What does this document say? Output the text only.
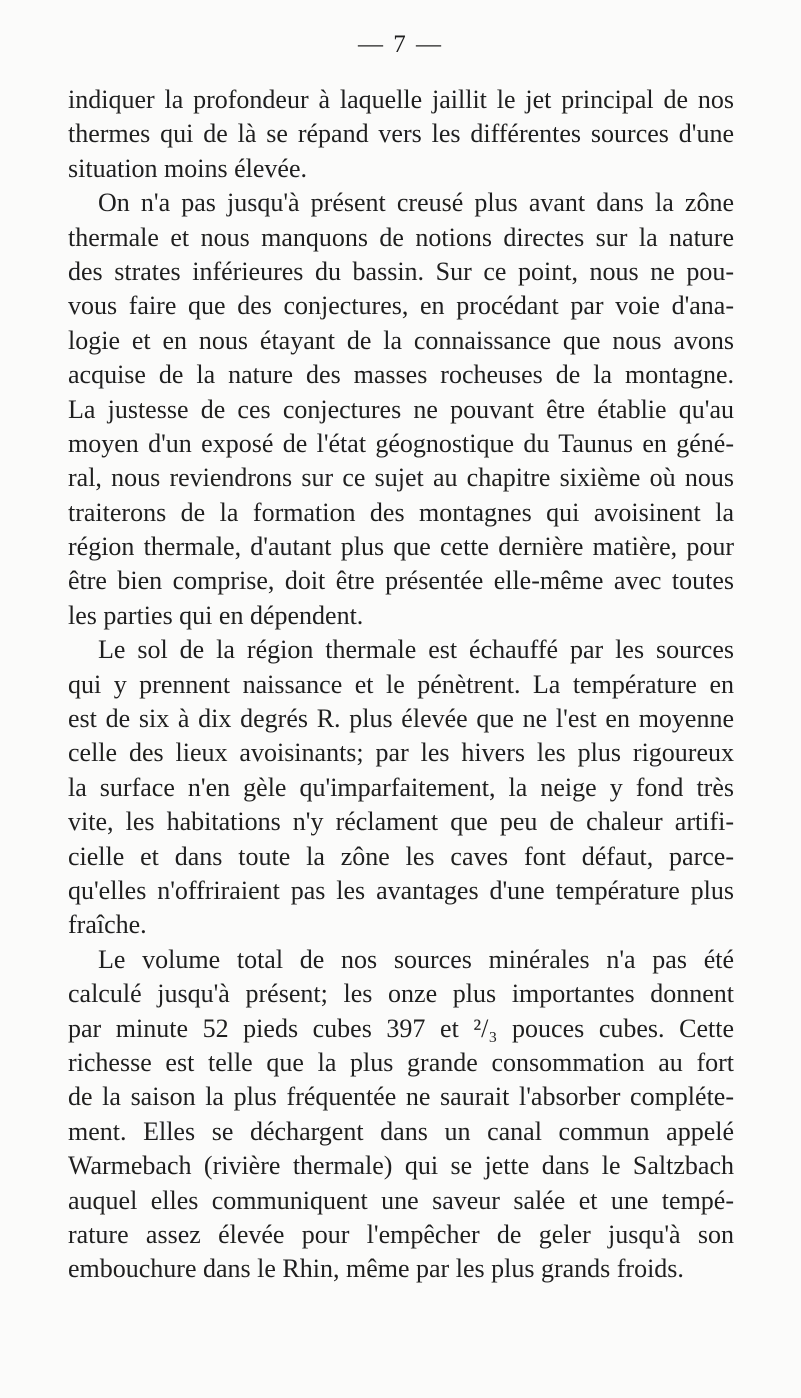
— 7 —
indiquer la profondeur à laquelle jaillit le jet principal de nos
thermes qui de là se répand vers les différentes sources d'une
situation moins élevée.
On n'a pas jusqu'à présent creusé plus avant dans la zône
thermale et nous manquons de notions directes sur la nature
des strates inférieures du bassin. Sur ce point, nous ne pou-
vous faire que des conjectures, en procédant par voie d'ana-
logie et en nous étayant de la connaissance que nous avons
acquise de la nature des masses rocheuses de la montagne.
La justesse de ces conjectures ne pouvant être établie qu'au
moyen d'un exposé de l'état géognostique du Taunus en géné-
ral, nous reviendrons sur ce sujet au chapitre sixième où nous
traiterons de la formation des montagnes qui avoisinent la
région thermale, d'autant plus que cette dernière matière, pour
être bien comprise, doit être présentée elle-même avec toutes
les parties qui en dépendent.
Le sol de la région thermale est échauffé par les sources
qui y prennent naissance et le pénètrent. La température en
est de six à dix degrés R. plus élevée que ne l'est en moyenne
celle des lieux avoisinants; par les hivers les plus rigoureux
la surface n'en gèle qu'imparfaitement, la neige y fond très
vite, les habitations n'y réclament que peu de chaleur artifi-
cielle et dans toute la zône les caves font défaut, parce-
qu'elles n'offriraient pas les avantages d'une température plus
fraîche.
Le volume total de nos sources minérales n'a pas été
calculé jusqu'à présent; les onze plus importantes donnent
par minute 52 pieds cubes 397 et ²/₃ pouces cubes. Cette
richesse est telle que la plus grande consommation au fort
de la saison la plus fréquentée ne saurait l'absorber compléte-
ment. Elles se déchargent dans un canal commun appelé
Warmebach (rivière thermale) qui se jette dans le Saltzbach
auquel elles communiquent une saveur salée et une tempé-
rature assez élevée pour l'empêcher de geler jusqu'à son
embouchure dans le Rhin, même par les plus grands froids.
